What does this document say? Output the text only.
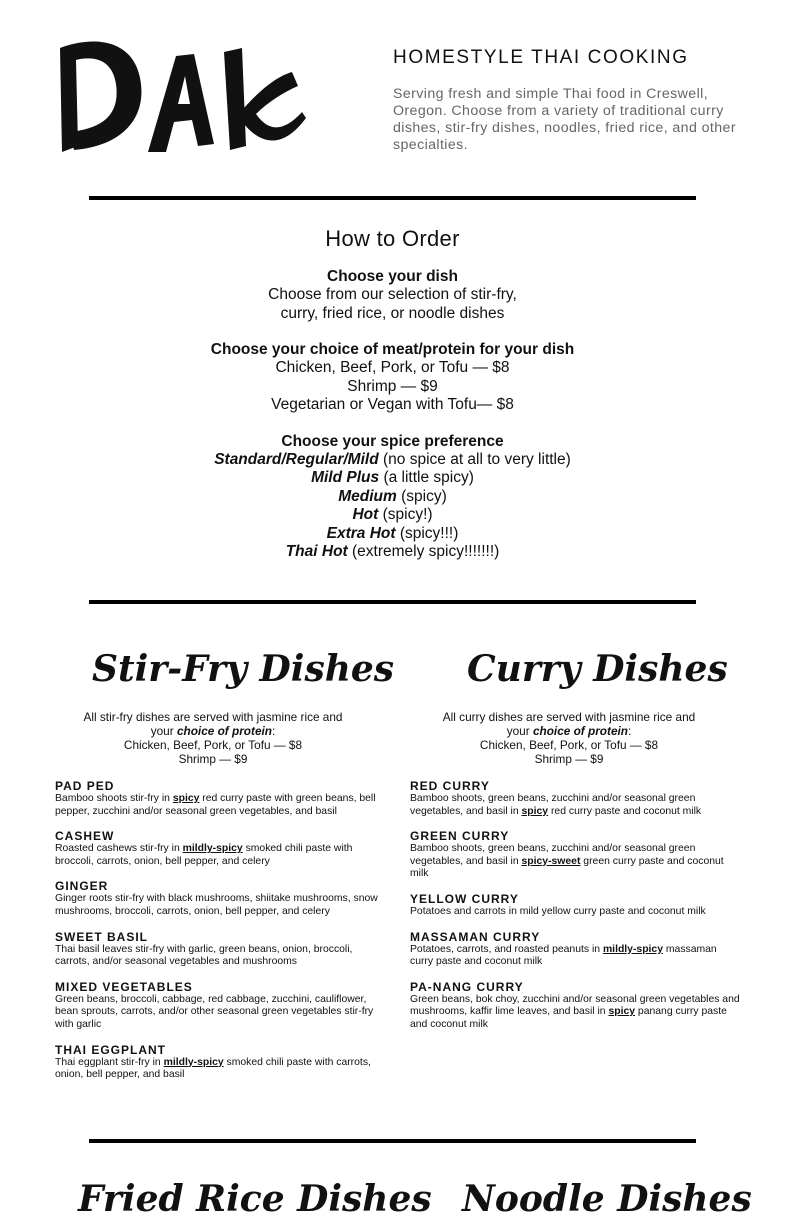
HOMESTYLE THAI COOKING
Serving fresh and simple Thai food in Creswell, Oregon. Choose from a variety of traditional curry dishes, stir-fry dishes, noodles, fried rice, and other specialties.
How to Order
Choose your dish
Choose from our selection of stir-fry,
curry, fried rice, or noodle dishes
Choose your choice of meat/protein for your dish
Chicken, Beef, Pork, or Tofu — $8
Shrimp — $9
Vegetarian or Vegan with Tofu— $8
Choose your spice preference
Standard/Regular/Mild (no spice at all to very little)
Mild Plus (a little spicy)
Medium (spicy)
Hot (spicy!)
Extra Hot (spicy!!!)
Thai Hot (extremely spicy!!!!!!!)
Stir-Fry Dishes
All stir-fry dishes are served with jasmine rice and
your choice of protein:
Chicken, Beef, Pork, or Tofu — $8
Shrimp — $9
PAD PED
Bamboo shoots stir-fry in spicy red curry paste with green beans, bell pepper, zucchini and/or seasonal green vegetables, and basil
CASHEW
Roasted cashews stir-fry in mildly-spicy smoked chili paste with broccoli, carrots, onion, bell pepper, and celery
GINGER
Ginger roots stir-fry with black mushrooms, shiitake mushrooms, snow mushrooms, broccoli, carrots, onion, bell pepper, and celery
SWEET BASIL
Thai basil leaves stir-fry with garlic, green beans, onion, broccoli, carrots, and/or seasonal vegetables and mushrooms
MIXED VEGETABLES
Green beans, broccoli, cabbage, red cabbage, zucchini, cauliflower, bean sprouts, carrots, and/or other seasonal green vegetables stir-fry with garlic
THAI EGGPLANT
Thai eggplant stir-fry in mildly-spicy smoked chili paste with carrots, onion, bell pepper, and basil
Curry Dishes
All curry dishes are served with jasmine rice and
your choice of protein:
Chicken, Beef, Pork, or Tofu — $8
Shrimp — $9
RED CURRY
Bamboo shoots, green beans, zucchini and/or seasonal green vegetables, and basil in spicy red curry paste and coconut milk
GREEN CURRY
Bamboo shoots, green beans, zucchini and/or seasonal green vegetables, and basil in spicy-sweet green curry paste and coconut milk
YELLOW CURRY
Potatoes and carrots in mild yellow curry paste and coconut milk
MASSAMAN CURRY
Potatoes, carrots, and roasted peanuts in mildly-spicy massaman curry paste and coconut milk
PA-NANG CURRY
Green beans, bok choy, zucchini and/or seasonal green vegetables and mushrooms, kaffir lime leaves, and basil in spicy panang curry paste and coconut milk
Fried Rice Dishes Noodle Dishes
